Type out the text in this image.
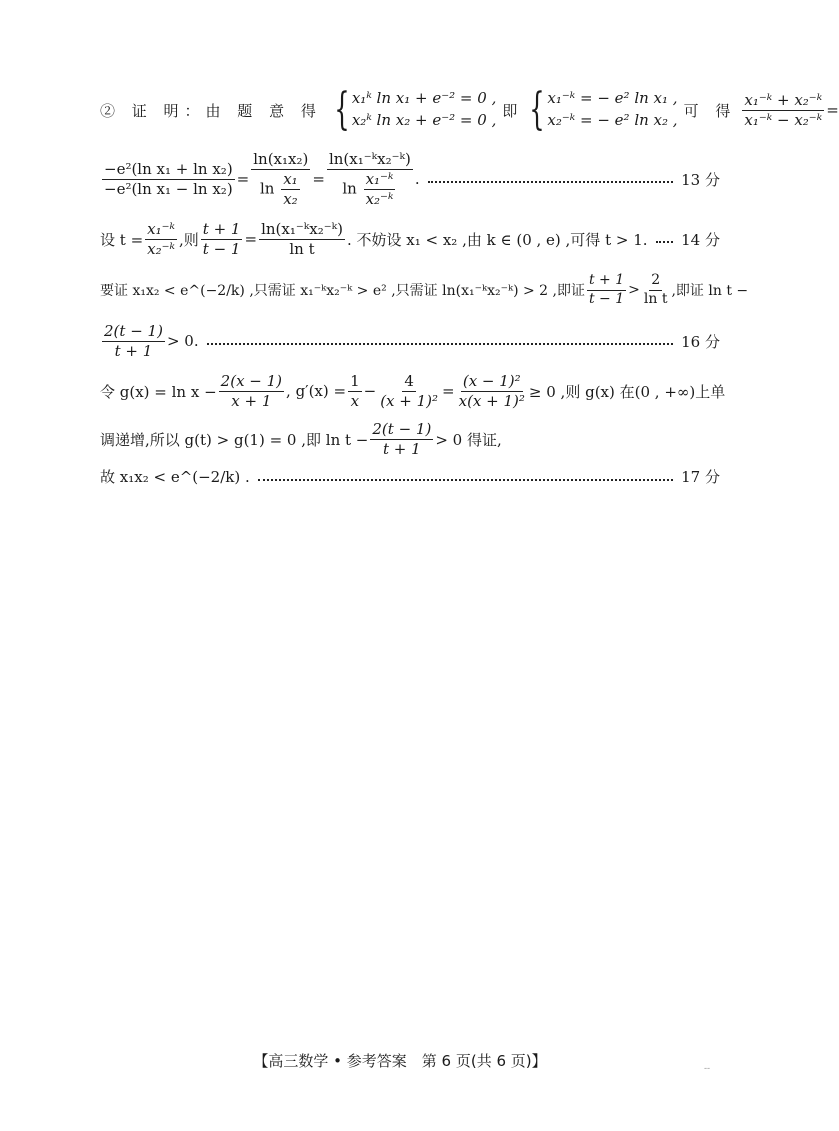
② 证 明：由 题 意 得 { x₁ᵏ ln x₁ + e⁻² = 0 ,
x₂ᵏ ln x₂ + e⁻² = 0 ,
即 { x₁⁻ᵏ = − e² ln x₁ ,
x₂⁻ᵏ = − e² ln x₂ ,
可 得 $\frac{\text{x₁⁻ᵏ + x₂⁻ᵏ}}{\text{x₁⁻ᵏ − x₂⁻ᵏ}}$ =
$\frac{\text{−e²(ln x₁ + ln x₂)}}{\text{−e²(ln x₁ − ln x₂)}} = \frac{\text{ln(x₁x₂)}}{\ln \frac{\text{x₁}}{\text{x₂}}} = \frac{\text{ln(x₁⁻ᵏx₂⁻ᵏ)}}{\ln \frac{\text{x₁⁻ᵏ}}{\text{x₂⁻ᵏ}}}$ .	13 分
设 $t = \frac{\text{x₁⁻ᵏ}}{\text{x₂⁻ᵏ}}$ ,则 $\frac{t + 1}{t - 1} = \frac{\text{ln(x₁⁻ᵏx₂⁻ᵏ)}}{\text{ln t}}$ . 不妨设 x₁ < x₂ ,由 k ∈ (0 , e) ,可得 t > 1. 14 分
要证 x₁x₂ < e^(−2/k) ,只需证 x₁⁻ᵏx₂⁻ᵏ > e² ,只需证 ln(x₁⁻ᵏx₂⁻ᵏ) > 2 ,即证 $\frac{t + 1}{t - 1} > \frac{2}{\text{ln t}}$ ,即证 ln t −
$\frac{2(t - 1)}{t + 1} > 0$.	16 分
令 $g(x) = \ln x - \frac{2(x - 1)}{x + 1}$ , $g'(x) = \frac{1}{x} - \frac{4}{\text{(x + 1)²}} = \frac{\text{(x − 1)²}}{\text{x(x + 1)²}} \ge 0$ ,则 g(x) 在(0 , +∞)上单
调递增,所以 g(t) > g(1) = 0 ,即 $\ln t - \frac{2(t - 1)}{t + 1} > 0$ 得证,
故 x₁x₂ < e^(−2/k) .	17 分
【高三数学 • 参考答案　第 6 页(共 6 页)】	--
